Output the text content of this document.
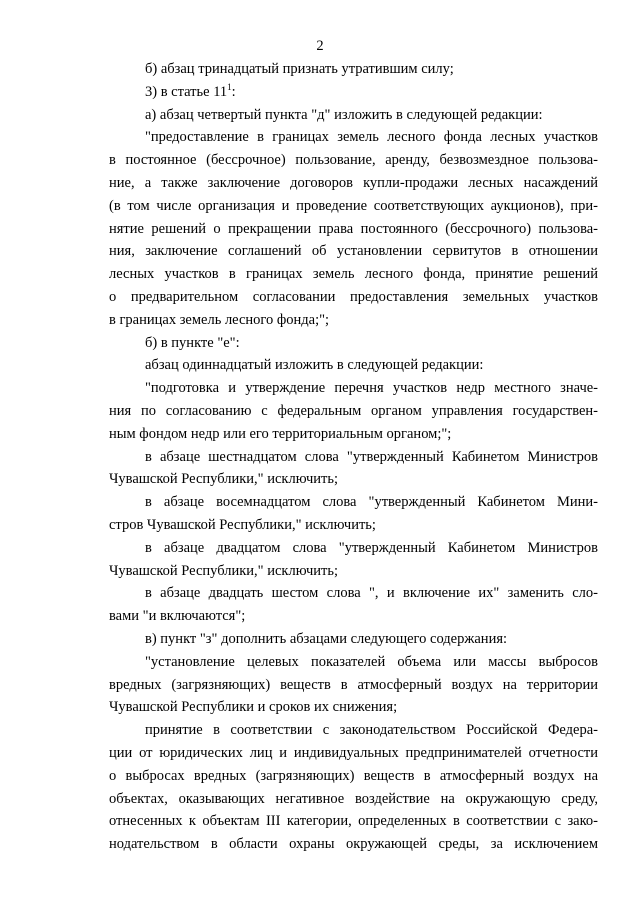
2
б) абзац тринадцатый признать утратившим силу;
3) в статье $11^1$:
а) абзац четвертый пункта "д" изложить в следующей редакции:
"предоставление в границах земель лесного фонда лесных участков
в постоянное (бессрочное) пользование, аренду, безвозмездное пользова-
ние, а также заключение договоров купли-продажи лесных насаждений
(в том числе организация и проведение соответствующих аукционов), при-
нятие решений о прекращении права постоянного (бессрочного) пользова-
ния, заключение соглашений об установлении сервитутов в отношении
лесных участков в границах земель лесного фонда, принятие решений
о предварительном согласовании предоставления земельных участков
в границах земель лесного фонда;";
б) в пункте "е":
абзац одиннадцатый изложить в следующей редакции:
"подготовка и утверждение перечня участков недр местного значе-
ния по согласованию с федеральным органом управления государствен-
ным фондом недр или его территориальным органом;";
в абзаце шестнадцатом слова "утвержденный Кабинетом Министров
Чувашской Республики," исключить;
в абзаце восемнадцатом слова "утвержденный Кабинетом Мини-
стров Чувашской Республики," исключить;
в абзаце двадцатом слова "утвержденный Кабинетом Министров
Чувашской Республики," исключить;
в абзаце двадцать шестом слова ", и включение их" заменить сло-
вами "и включаются";
в) пункт "з" дополнить абзацами следующего содержания:
"установление целевых показателей объема или массы выбросов
вредных (загрязняющих) веществ в атмосферный воздух на территории
Чувашской Республики и сроков их снижения;
принятие в соответствии с законодательством Российской Федера-
ции от юридических лиц и индивидуальных предпринимателей отчетности
о выбросах вредных (загрязняющих) веществ в атмосферный воздух на
объектах, оказывающих негативное воздействие на окружающую среду,
отнесенных к объектам III категории, определенных в соответствии с зако-
нодательством в области охраны окружающей среды, за исключением
